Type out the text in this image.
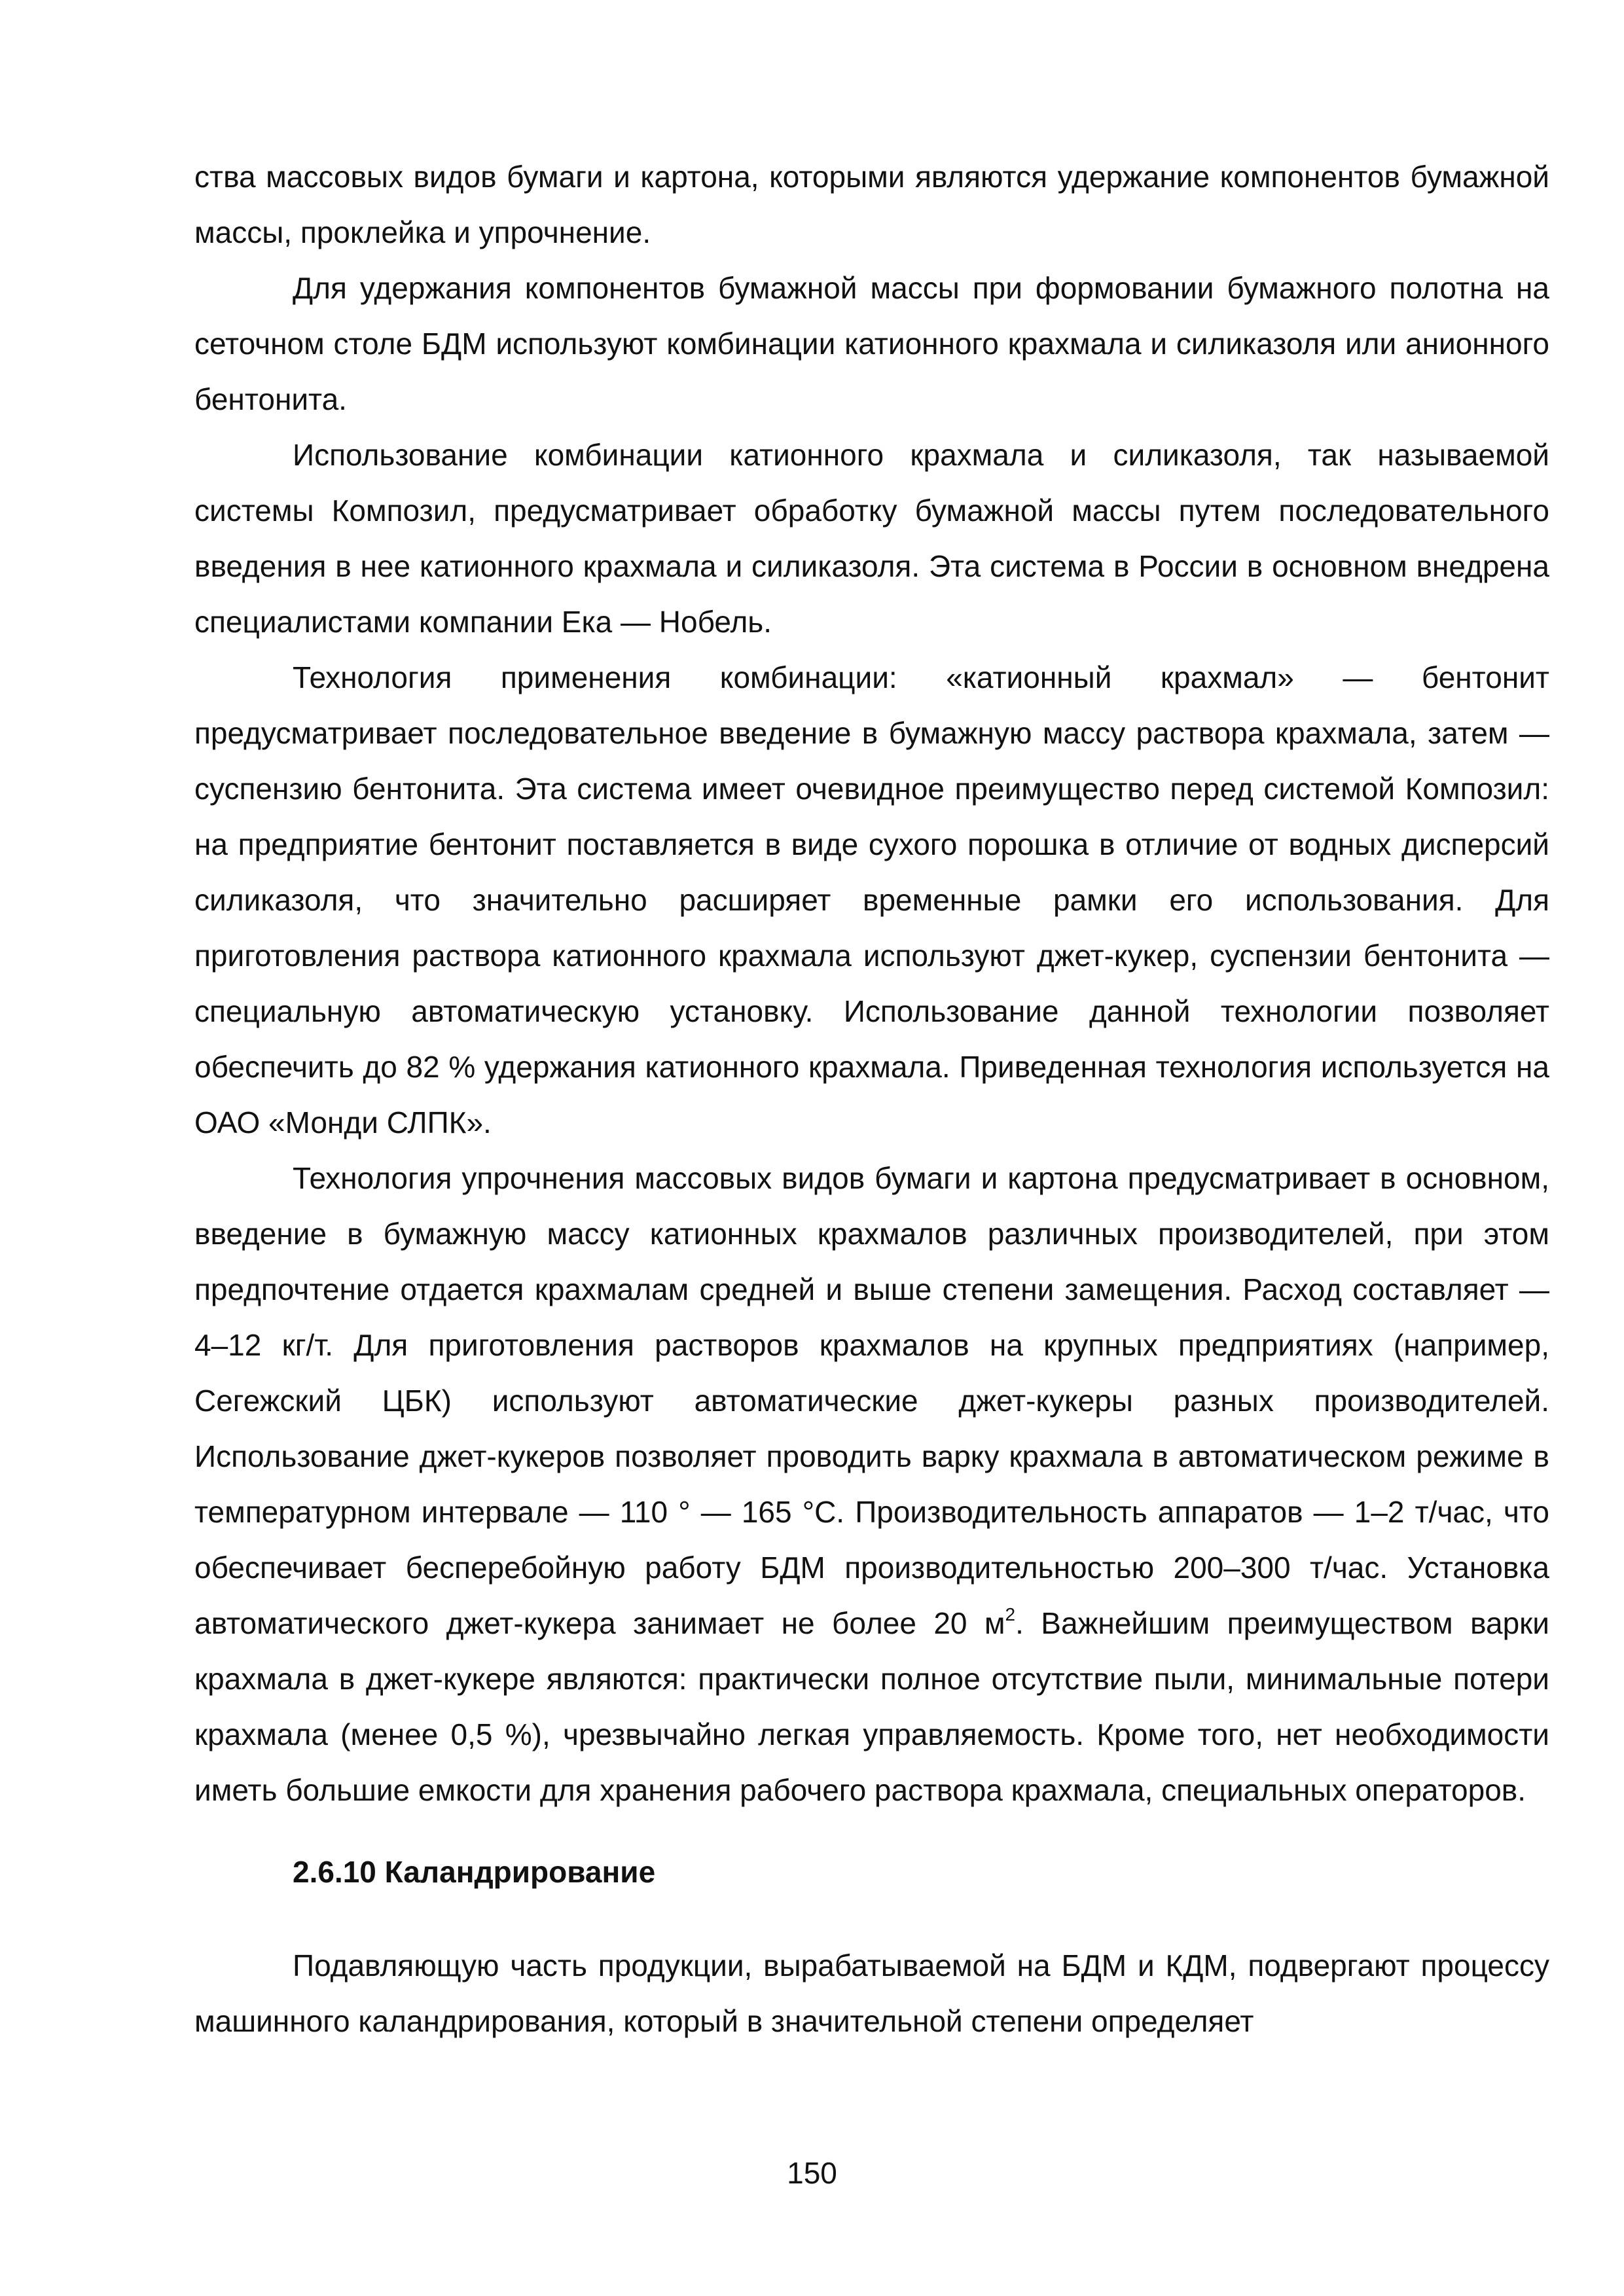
ства массовых видов бумаги и картона, которыми являются удержание компонентов бумажной массы, проклейка и упрочнение.

Для удержания компонентов бумажной массы при формовании бумажного полотна на сеточном столе БДМ используют комбинации катионного крахмала и силиказоля или анионного бентонита.

Использование комбинации катионного крахмала и силиказоля, так называемой системы Композил, предусматривает обработку бумажной массы путем последовательного введения в нее катионного крахмала и силиказоля. Эта система в России в основном внедрена специалистами компании Ека — Нобель.

Технология применения комбинации: «катионный крахмал» — бентонит предусматривает последовательное введение в бумажную массу раствора крахмала, затем — суспензию бентонита. Эта система имеет очевидное преимущество перед системой Композил: на предприятие бентонит поставляется в виде сухого порошка в отличие от водных дисперсий силиказоля, что значительно расширяет временные рамки его использования. Для приготовления раствора катионного крахмала используют джет-кукер, суспензии бентонита — специальную автоматическую установку. Использование данной технологии позволяет обеспечить до 82 % удержания катионного крахмала. Приведенная технология используется на ОАО «Монди СЛПК».

Технология упрочнения массовых видов бумаги и картона предусматривает в основном, введение в бумажную массу катионных крахмалов различных производителей, при этом предпочтение отдается крахмалам средней и выше степени замещения. Расход составляет — 4–12 кг/т. Для приготовления растворов крахмалов на крупных предприятиях (например, Сегежский ЦБК) используют автоматические джет-кукеры разных производителей. Использование джет-кукеров позволяет проводить варку крахмала в автоматическом режиме в температурном интервале — 110 ° — 165 °С. Производительность аппаратов — 1–2 т/час, что обеспечивает бесперебойную работу БДМ производительностью 200–300 т/час. Установка автоматического джет-кукера занимает не более 20 $м^2$. Важнейшим преимуществом варки крахмала в джет-кукере являются: практически полное отсутствие пыли, минимальные потери крахмала (менее 0,5 %), чрезвычайно легкая управляемость. Кроме того, нет необходимости иметь большие емкости для хранения рабочего раствора крахмала, специальных операторов.

2.6.10 Каландрирование

Подавляющую часть продукции, вырабатываемой на БДМ и КДМ, подвергают процессу машинного каландрирования, который в значительной степени определяет

150
